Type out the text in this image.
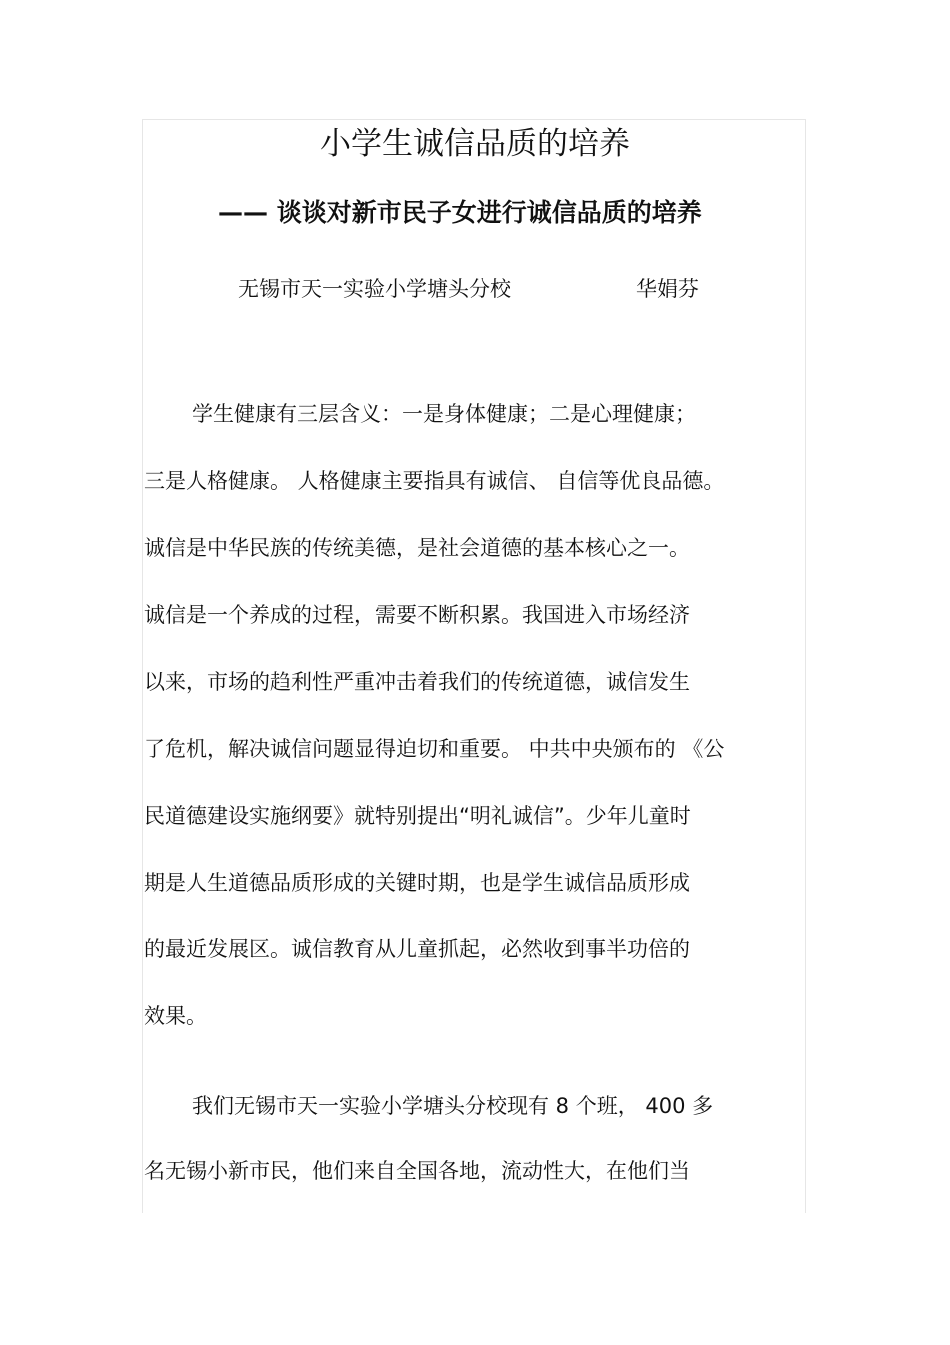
小学生诚信品质的培养
—— 谈谈对新市民子女进行诚信品质的培养
无锡市天一实验小学塘头分校	华娟芬
学生健康有三层含义：一是身体健康；二是心理健康；
三是人格健康。 人格健康主要指具有诚信、 自信等优良品德。
诚信是中华民族的传统美德，是社会道德的基本核心之一。
诚信是一个养成的过程，需要不断积累。我国进入市场经济
以来，市场的趋利性严重冲击着我们的传统道德，诚信发生
了危机，解决诚信问题显得迫切和重要。 中共中央颁布的 《公
民道德建设实施纲要》就特别提出“明礼诚信”。少年儿童时
期是人生道德品质形成的关键时期，也是学生诚信品质形成
的最近发展区。诚信教育从儿童抓起，必然收到事半功倍的
效果。
我们无锡市天一实验小学塘头分校现有 8 个班， 400 多
名无锡小新市民，他们来自全国各地，流动性大，在他们当
